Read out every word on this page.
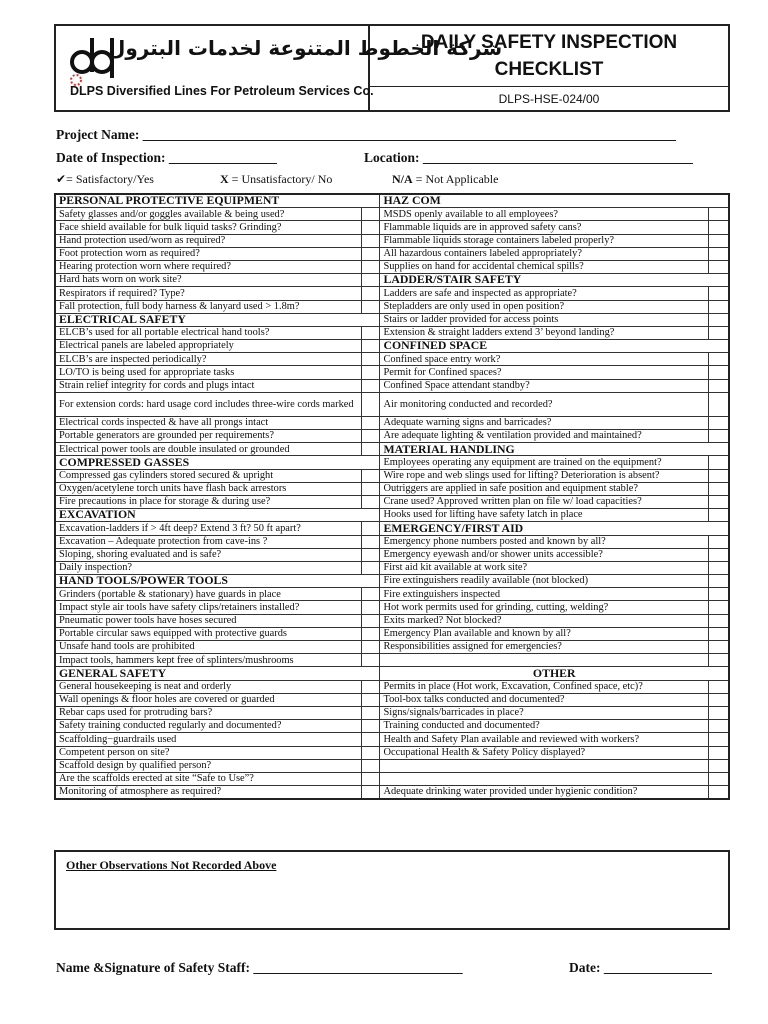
شركة الخطوط المتنوعة لخدمات البترول
DLPS Diversified Lines For Petroleum Services Co.
DAILY SAFETY INSPECTION CHECKLIST
DLPS-HSE-024/00
Project Name: _______________________________________________________________________________
Date of Inspection: ________________	Location: ________________________________________
✔= Satisfactory/Yes	X = Unsatisfactory/ No	N/A = Not Applicable
PERSONAL PROTECTIVE EQUIPMENT		HAZ COM	
Safety glasses and/or goggles available & being used?		MSDS openly available to all employees?	
Face shield available for bulk liquid tasks? Grinding?		Flammable liquids are in approved safety cans?	
Hand protection used/worn as required?		Flammable liquids storage containers labeled properly?	
Foot protection worn as required?		All hazardous containers labeled appropriately?	
Hearing protection worn where required?		Supplies on hand for accidental chemical spills?	
Hard hats worn on work site?		LADDER/STAIR SAFETY	
Respirators if required? Type?		Ladders are safe and inspected as appropriate?	
Fall protection, full body harness & lanyard used > 1.8m?		Stepladders are only used in open position?	
ELECTRICAL SAFETY		Stairs or ladder provided for access points	
ELCB’s used for all portable electrical hand tools?		Extension & straight ladders extend 3’ beyond landing?	
Electrical panels are labeled appropriately		CONFINED SPACE	
ELCB’s are inspected periodically?		Confined space entry work?	
LO/TO is being used for appropriate tasks		Permit for Confined spaces?	
Strain relief integrity for cords and plugs intact		Confined Space attendant standby?	
For extension cords: hard usage cord includes three-wire cords marked		Air monitoring conducted and recorded?	
Electrical cords inspected & have all prongs intact		Adequate warning signs and barricades?	
Portable generators are grounded per requirements?		Are adequate lighting & ventilation provided and maintained?	
Electrical power tools are double insulated or grounded		MATERIAL HANDLING	
COMPRESSED GASSES		Employees operating any equipment are trained on the equipment?	
Compressed gas cylinders stored secured & upright		Wire rope and web slings used for lifting? Deterioration is absent?	
Oxygen/acetylene torch units have flash back arrestors		Outriggers are applied in safe position and equipment stable?	
Fire precautions in place for storage & during use?		Crane used? Approved written plan on file w/ load capacities?	
EXCAVATION		Hooks used for lifting have safety latch in place	
Excavation-ladders if > 4ft deep? Extend 3 ft? 50 ft apart?		EMERGENCY/FIRST AID	
Excavation – Adequate protection from cave-ins ?		Emergency phone numbers posted and known by all?	
Sloping, shoring evaluated and is safe?		Emergency eyewash and/or shower units accessible?	
Daily inspection?		First aid kit available at work site?	
HAND TOOLS/POWER TOOLS		Fire extinguishers readily available (not blocked)	
Grinders (portable & stationary) have guards in place		Fire extinguishers inspected	
Impact style air tools have safety clips/retainers installed?		Hot work permits used for grinding, cutting, welding?	
Pneumatic power tools have hoses secured		Exits marked? Not blocked?	
Portable circular saws equipped with protective guards		Emergency Plan available and known by all?	
Unsafe hand tools are prohibited		Responsibilities assigned for emergencies?	
Impact tools, hammers kept free of splinters/mushrooms			
GENERAL SAFETY		OTHER	
General housekeeping is neat and orderly		Permits in place (Hot work, Excavation, Confined space, etc)?	
Wall openings & floor holes are covered or guarded		Tool-box talks conducted and documented?	
Rebar caps used for protruding bars?		Signs/signals/barricades in place?	
Safety training conducted regularly and documented?		Training conducted and documented?	
Scaffolding−guardrails used		Health and Safety Plan available and reviewed with workers?	
Competent person on site?		Occupational Health & Safety Policy displayed?	
Scaffold design by qualified person?			
Are the scaffolds erected at site “Safe to Use”?			
Monitoring of atmosphere as required?		Adequate drinking water provided under hygienic condition?	
Other Observations Not Recorded Above
Name &Signature of Safety Staff: _______________________________	Date: ________________
